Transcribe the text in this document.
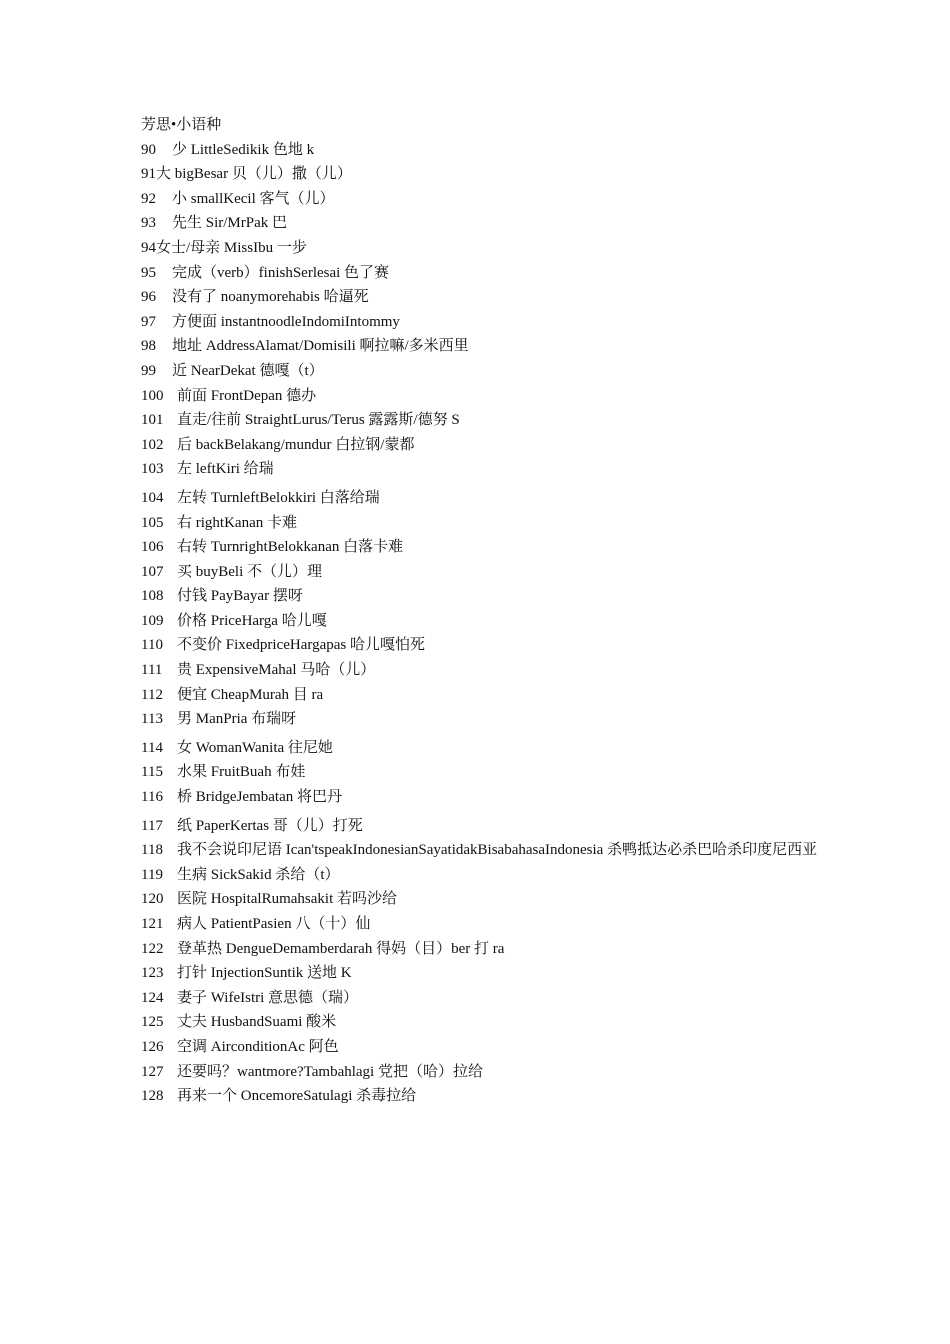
芳思•小语种
90 少 LittleSedikik 色地 k
91大 bigBesar 贝（儿）撒（儿）
92 小 smallKecil 客气（儿）
93 先生 Sir/MrPak 巴
94女士/母亲 MissIbu 一步
95 完成（verb）finishSerlesai 色了赛
96 没有了 noanymorehabis 哈逼死
97 方便面 instantnoodleIndomiIntommy
98 地址 AddressAlamat/Domisili 啊拉嘛/多米西里
99 近 NearDekat 德嘎（t）
100 前面 FrontDepan 德办
101 直走/往前 StraightLurus/Terus 露露斯/德努 S
102 后 backBelakang/mundur 白拉钢/蒙都
103 左 leftKiri 给瑞
104 左转 TurnleftBelokkiri 白落给瑞
105 右 rightKanan 卡难
106 右转 TurnrightBelokkanan 白落卡难
107 买 buyBeli 不（儿）理
108 付钱 PayBayar 摆呀
109 价格 PriceHarga 哈儿嘎
110 不变价 FixedpriceHargapas 哈儿嘎怕死
111 贵 ExpensiveMahal 马哈（儿）
112 便宜 CheapMurah 目 ra
113 男 ManPria 布瑞呀
114 女 WomanWanita 往尼她
115 水果 FruitBuah 布娃
116 桥 BridgeJembatan 将巴丹
117 纸 PaperKertas 哥（儿）打死
118 我不会说印尼语 Ican'tspeakIndonesianSayatidakBisabahasaIndonesia 杀鸭抵达必杀巴哈杀印度尼西亚
119 生病 SickSakid 杀给（t）
120 医院 HospitalRumahsakit 若吗沙给
121 病人 PatientPasien 八（十）仙
122 登革热 DengueDemamberdarah 得妈（目）ber 打 ra
123 打针 InjectionSuntik 送地 K
124 妻子 WifeIstri 意思德（瑞）
125 丈夫 HusbandSuami 酸米
126 空调 AirconditionAc 阿色
127 还要吗？wantmore?Tambahlagi 党把（哈）拉给
128 再来一个 OncemoreSatulagi 杀毒拉给
